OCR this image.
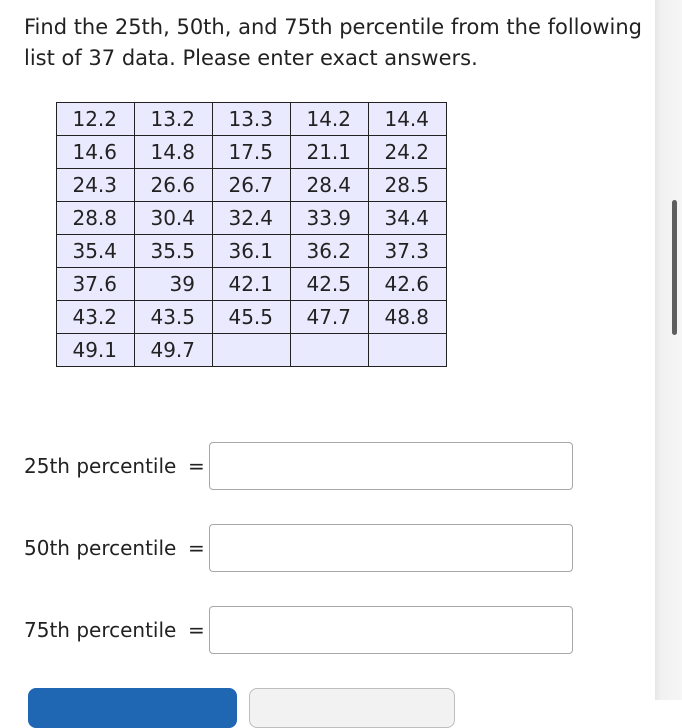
Find the 25th, 50th, and 75th percentile from the following list of 37 data. Please enter exact answers.

12.2	13.2	13.3	14.2	14.4
14.6	14.8	17.5	21.1	24.2
24.3	26.6	26.7	28.4	28.5
28.8	30.4	32.4	33.9	34.4
35.4	35.5	36.1	36.2	37.3
37.6	39	42.1	42.5	42.6
43.2	43.5	45.5	47.7	48.8
49.1	49.7			
25th percentile =
50th percentile =
75th percentile =
